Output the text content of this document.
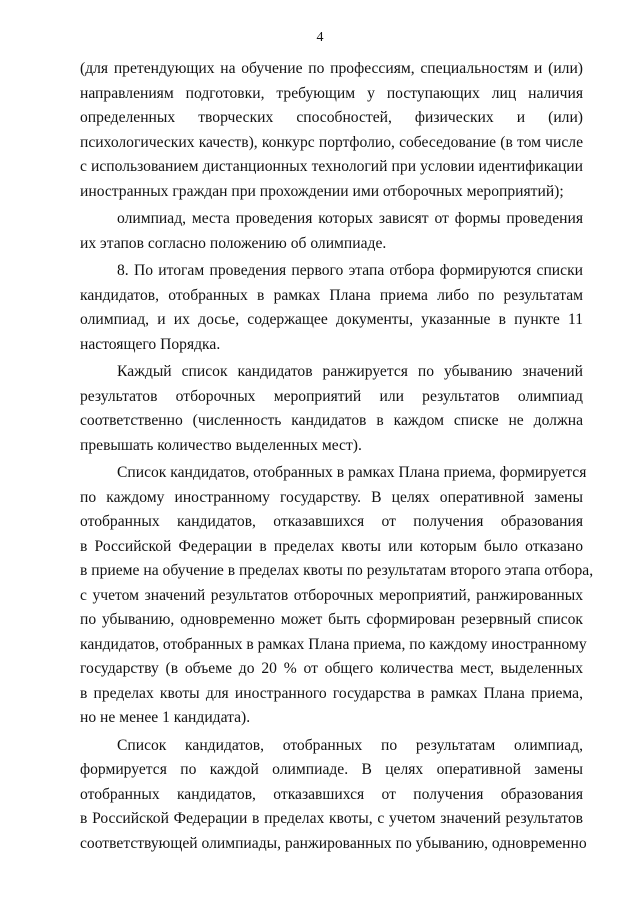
4

(для претендующих на обучение по профессиям, специальностям и (или)
направлениям подготовки, требующим у поступающих лиц наличия
определенных творческих способностей, физических и (или)
психологических качеств), конкурс портфолио, собеседование (в том числе
с использованием дистанционных технологий при условии идентификации
иностранных граждан при прохождении ими отборочных мероприятий);

олимпиад, места проведения которых зависят от формы проведения
их этапов согласно положению об олимпиаде.

8. По итогам проведения первого этапа отбора формируются списки
кандидатов, отобранных в рамках Плана приема либо по результатам
олимпиад, и их досье, содержащее документы, указанные в пункте 11
настоящего Порядка.

Каждый список кандидатов ранжируется по убыванию значений
результатов отборочных мероприятий или результатов олимпиад
соответственно (численность кандидатов в каждом списке не должна
превышать количество выделенных мест).

Список кандидатов, отобранных в рамках Плана приема, формируется
по каждому иностранному государству. В целях оперативной замены
отобранных кандидатов, отказавшихся от получения образования
в Российской Федерации в пределах квоты или которым было отказано
в приеме на обучение в пределах квоты по результатам второго этапа отбора,
с учетом значений результатов отборочных мероприятий, ранжированных
по убыванию, одновременно может быть сформирован резервный список
кандидатов, отобранных в рамках Плана приема, по каждому иностранному
государству (в объеме до 20 % от общего количества мест, выделенных
в пределах квоты для иностранного государства в рамках Плана приема,
но не менее 1 кандидата).

Список кандидатов, отобранных по результатам олимпиад,
формируется по каждой олимпиаде. В целях оперативной замены
отобранных кандидатов, отказавшихся от получения образования
в Российской Федерации в пределах квоты, с учетом значений результатов
соответствующей олимпиады, ранжированных по убыванию, одновременно
